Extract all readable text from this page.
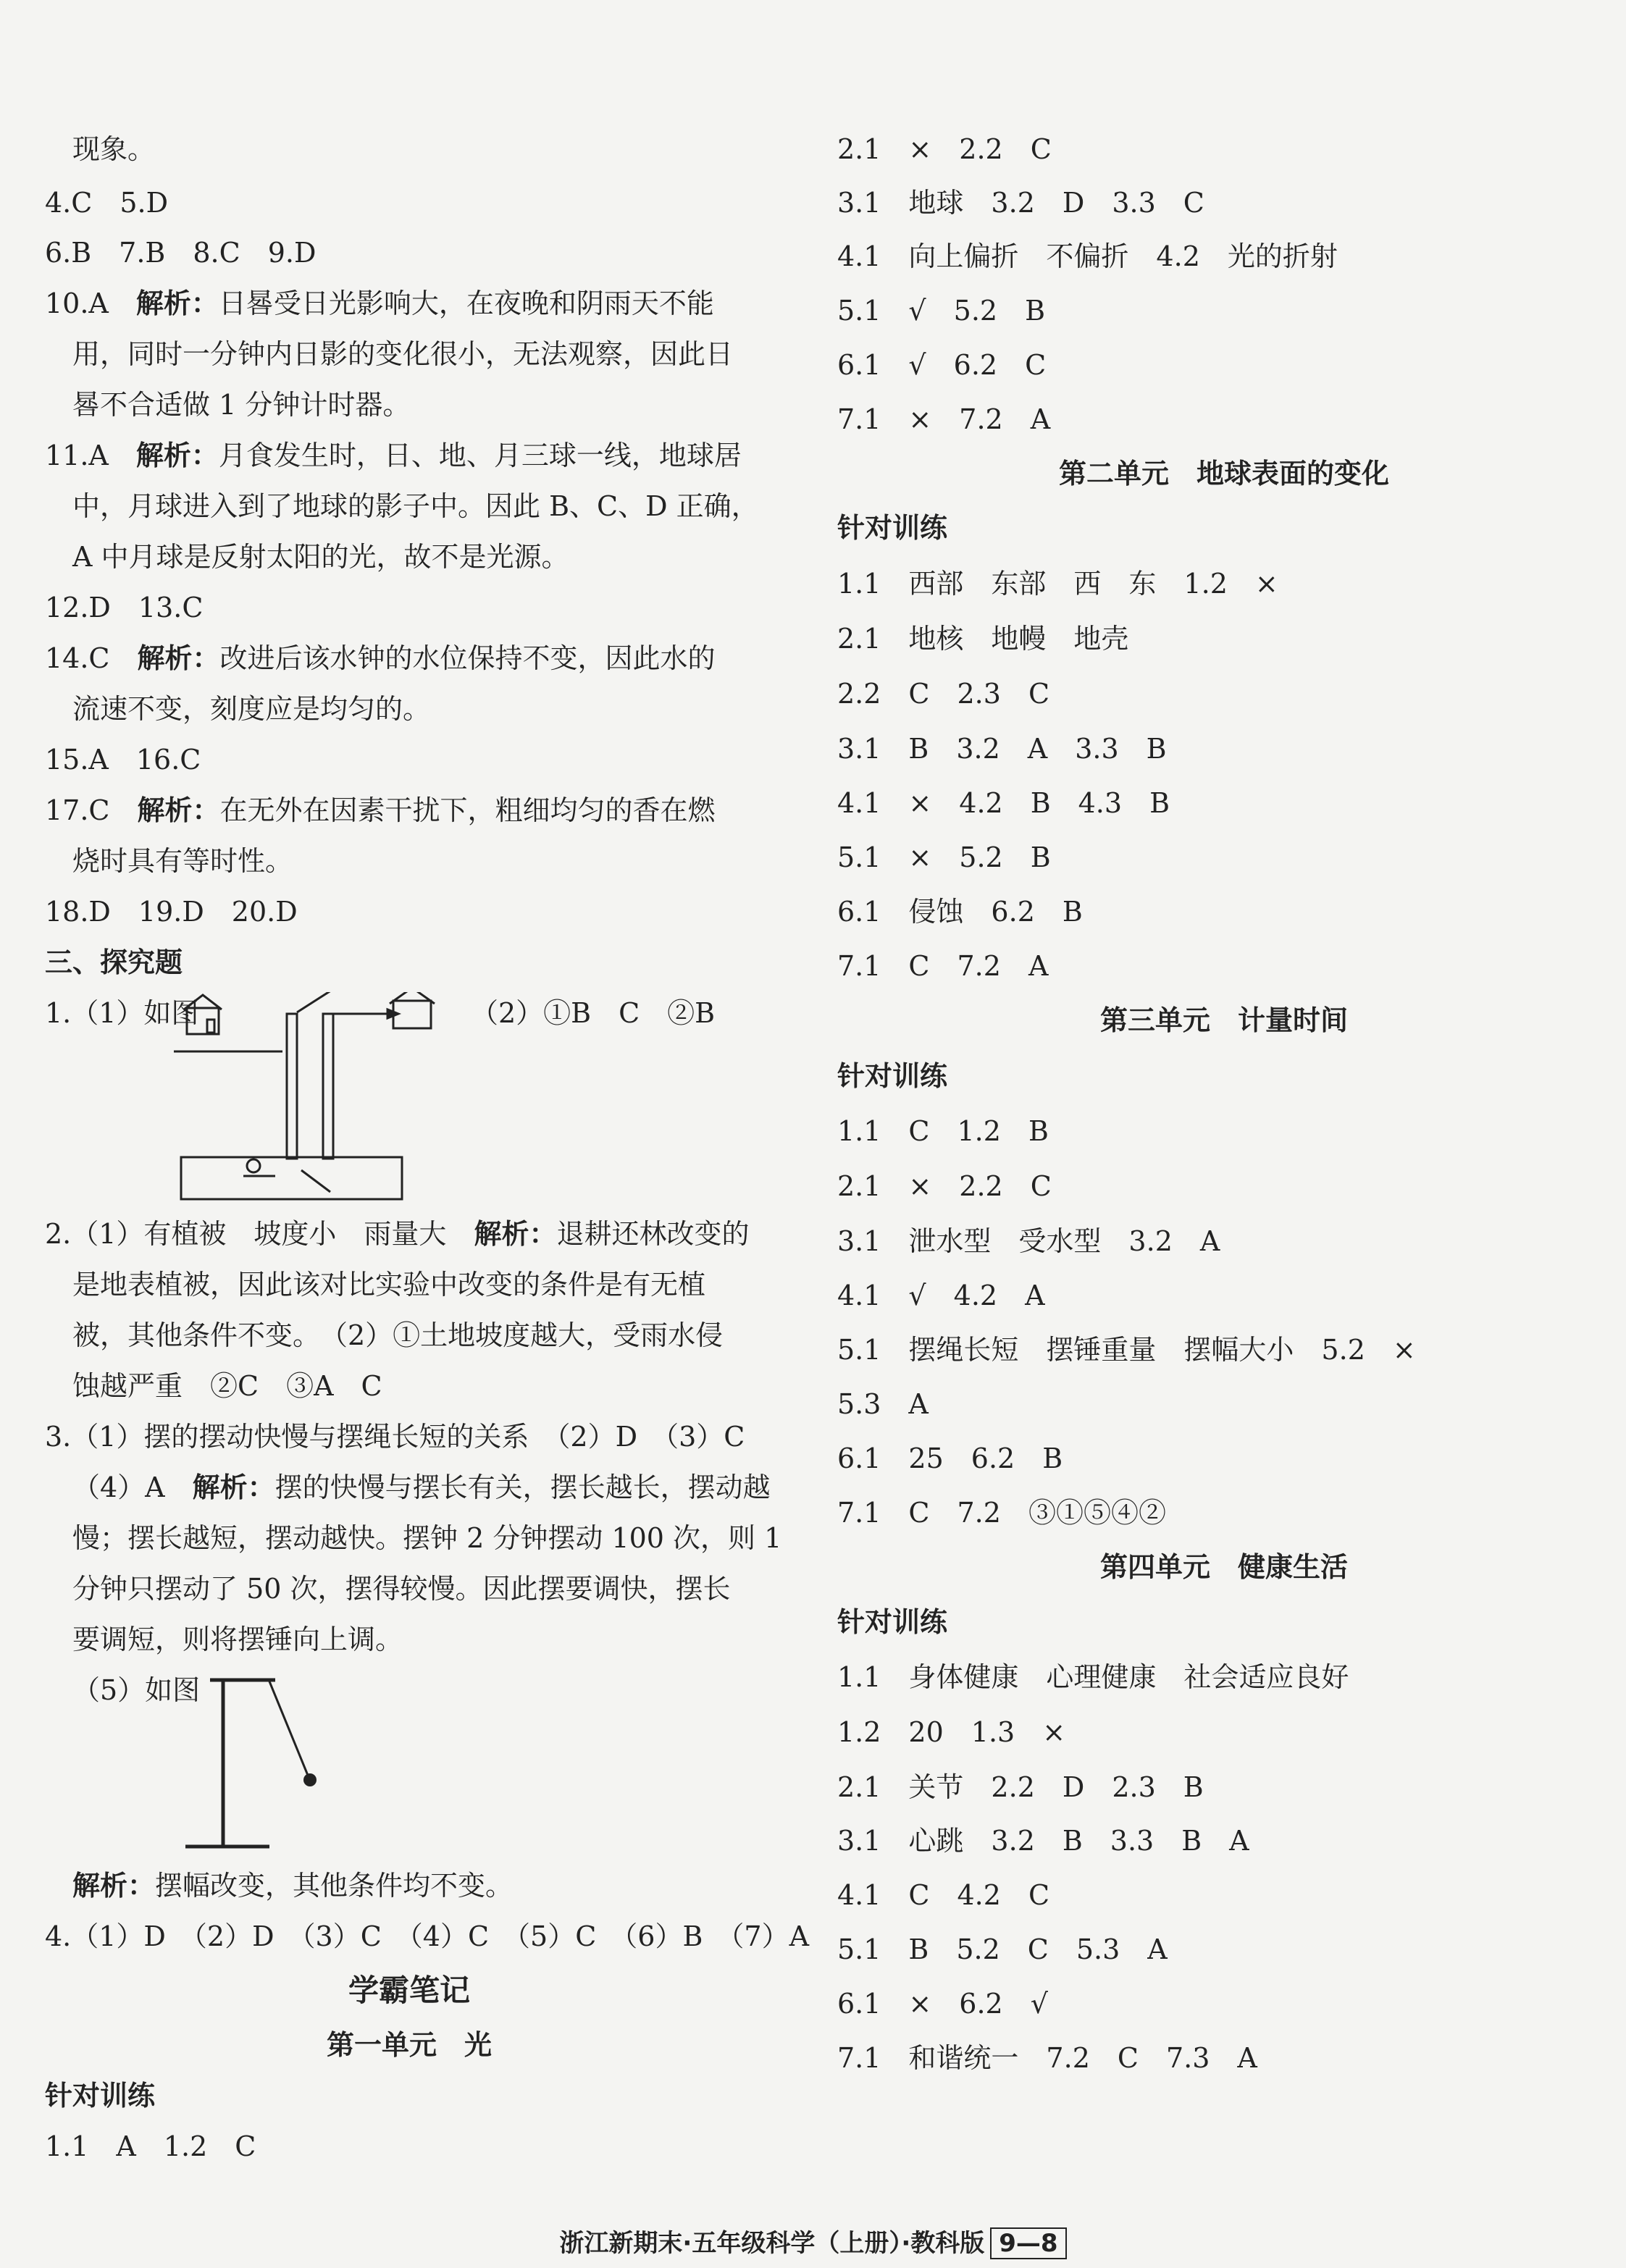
现象。
4.C　5.D
6.B　7.B　8.C　9.D
10.A　解析：日晷受日光影响大，在夜晚和阴雨天不能
用，同时一分钟内日影的变化很小，无法观察，因此日
晷不合适做 1 分钟计时器。
11.A　解析：月食发生时，日、地、月三球一线，地球居
中，月球进入到了地球的影子中。因此 B、C、D 正确，
A 中月球是反射太阳的光，故不是光源。
12.D　13.C
14.C　解析：改进后该水钟的水位保持不变，因此水的
流速不变，刻度应是均匀的。
15.A　16.C
17.C　解析：在无外在因素干扰下，粗细均匀的香在燃
烧时具有等时性。
18.D　19.D　20.D
三、探究题
1.（1）如图	（2）①B　C　②B
2.（1）有植被　坡度小　雨量大　解析：退耕还林改变的
是地表植被，因此该对比实验中改变的条件是有无植
被，其他条件不变。　（2）①土地坡度越大，受雨水侵
蚀越严重　②C　③A　C
3.（1）摆的摆动快慢与摆绳长短的关系　（2）D　（3）C
（4）A　解析：摆的快慢与摆长有关，摆长越长，摆动越
慢；摆长越短，摆动越快。摆钟 2 分钟摆动 100 次，则 1
分钟只摆动了 50 次，摆得较慢。因此摆要调快，摆长
要调短，则将摆锤向上调。
（5）如图
解析：摆幅改变，其他条件均不变。
4.（1）D　（2）D　（3）C　（4）C　（5）C　（6）B　（7）A
学霸笔记
第一单元　光
针对训练
1.1　A　1.2　C
2.1　×　2.2　C
3.1　地球　3.2　D　3.3　C
4.1　向上偏折　不偏折　4.2　光的折射
5.1　√　5.2　B
6.1　√　6.2　C
7.1　×　7.2　A
第二单元　地球表面的变化
针对训练
1.1　西部　东部　西　东　1.2　×
2.1　地核　地幔　地壳
2.2　C　2.3　C
3.1　B　3.2　A　3.3　B
4.1　×　4.2　B　4.3　B
5.1　×　5.2　B
6.1　侵蚀　6.2　B
7.1　C　7.2　A
第三单元　计量时间
针对训练
1.1　C　1.2　B
2.1　×　2.2　C
3.1　泄水型　受水型　3.2　A
4.1　√　4.2　A
5.1　摆绳长短　摆锤重量　摆幅大小　5.2　×
5.3　A
6.1　25　6.2　B
7.1　C　7.2　③①⑤④②
第四单元　健康生活
针对训练
1.1　身体健康　心理健康　社会适应良好
1.2　20　1.3　×
2.1　关节　2.2　D　2.3　B
3.1　心跳　3.2　B　3.3　B　A
4.1　C　4.2　C
5.1　B　5.2　C　5.3　A
6.1　×　6.2　√
7.1　和谐统一　7.2　C　7.3　A
浙江新期末·五年级科学（上册）·教科版 9—8
